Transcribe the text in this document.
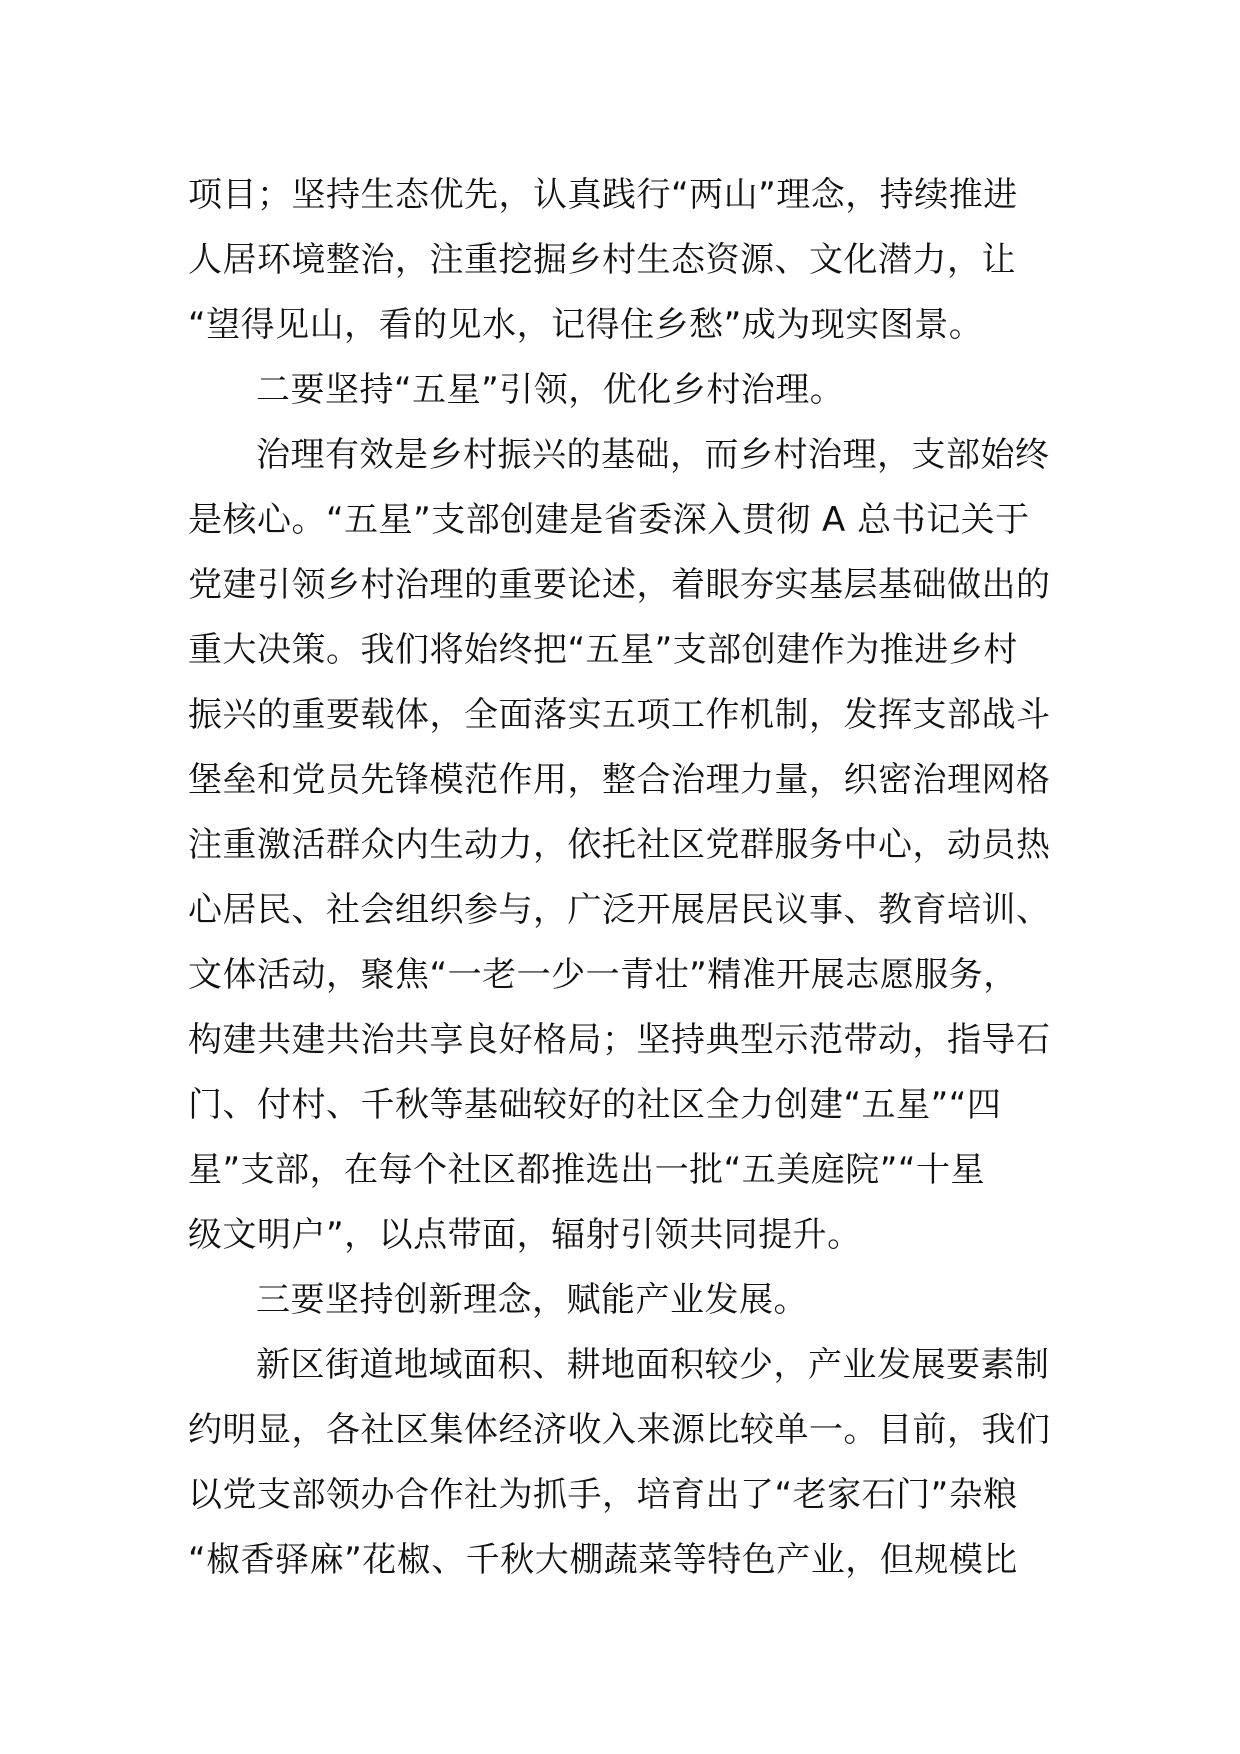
项目；坚持生态优先，认真践行“两山”理念，持续推进
人居环境整治，注重挖掘乡村生态资源、文化潜力，让
“望得见山，看的见水，记得住乡愁”成为现实图景。
二要坚持“五星”引领，优化乡村治理。
治理有效是乡村振兴的基础，而乡村治理，支部始终
是核心。“五星”支部创建是省委深入贯彻 A 总书记关于
党建引领乡村治理的重要论述，着眼夯实基层基础做出的
重大决策。我们将始终把“五星”支部创建作为推进乡村
振兴的重要载体，全面落实五项工作机制，发挥支部战斗
堡垒和党员先锋模范作用，整合治理力量，织密治理网格
注重激活群众内生动力，依托社区党群服务中心，动员热
心居民、社会组织参与，广泛开展居民议事、教育培训、
文体活动，聚焦“一老一少一青壮”精准开展志愿服务，
构建共建共治共享良好格局；坚持典型示范带动，指导石
门、付村、千秋等基础较好的社区全力创建“五星”“四
星”支部，在每个社区都推选出一批“五美庭院”“十星
级文明户”，以点带面，辐射引领共同提升。
三要坚持创新理念，赋能产业发展。
新区街道地域面积、耕地面积较少，产业发展要素制
约明显，各社区集体经济收入来源比较单一。目前，我们
以党支部领办合作社为抓手，培育出了“老家石门”杂粮
“椒香驿麻”花椒、千秋大棚蔬菜等特色产业，但规模比
